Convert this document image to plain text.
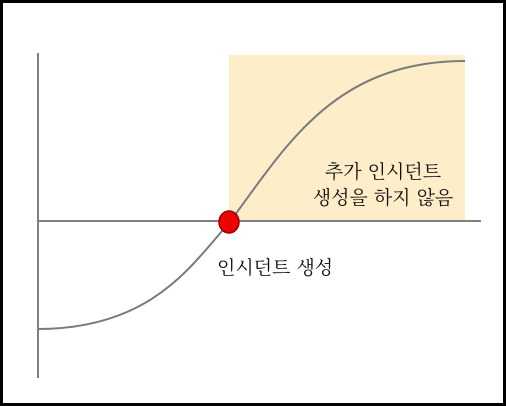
추가 인시던트
생성을 하지 않음
인시던트 생성
